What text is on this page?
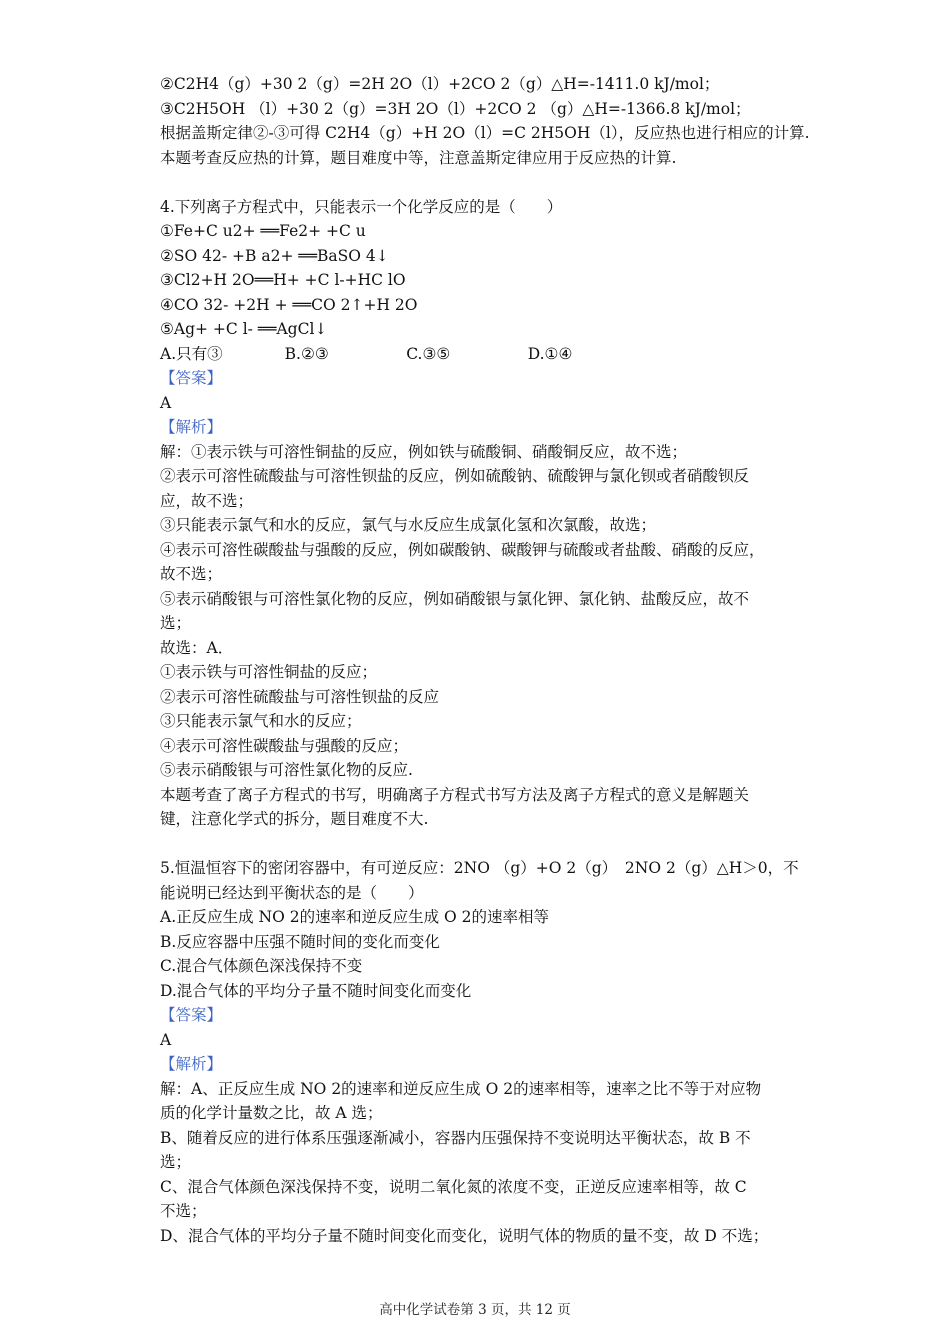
②C2H4（g）+30 2（g）=2H 2O（l）+2CO 2（g）△H=-1411.0 kJ/mol；
③C2H5OH （l）+30 2（g）=3H 2O（l）+2CO 2 （g）△H=-1366.8 kJ/mol；
根据盖斯定律②-③可得 C2H4（g）+H 2O（l）=C 2H5OH（l），反应热也进行相应的计算.
本题考查反应热的计算，题目难度中等，注意盖斯定律应用于反应热的计算.
4.下列离子方程式中，只能表示一个化学反应的是（　　）
①Fe+C u2+ ══Fe2+ +C u
②SO 42- +B a2+ ══BaSO 4↓
③Cl2+H 2O══H+ +C l-+HC lO
④CO 32- +2H + ══CO 2↑+H 2O
⑤Ag+ +C l- ══AgCl↓
A.只有③　　　　B.②③　　　　　C.③⑤　　　　　D.①④
【答案】
A
【解析】
解：①表示铁与可溶性铜盐的反应，例如铁与硫酸铜、硝酸铜反应，故不选；
②表示可溶性硫酸盐与可溶性钡盐的反应，例如硫酸钠、硫酸钾与氯化钡或者硝酸钡反
应，故不选；
③只能表示氯气和水的反应，氯气与水反应生成氯化氢和次氯酸，故选；
④表示可溶性碳酸盐与强酸的反应，例如碳酸钠、碳酸钾与硫酸或者盐酸、硝酸的反应，
故不选；
⑤表示硝酸银与可溶性氯化物的反应，例如硝酸银与氯化钾、氯化钠、盐酸反应，故不
选；
故选：A．
①表示铁与可溶性铜盐的反应；
②表示可溶性硫酸盐与可溶性钡盐的反应
③只能表示氯气和水的反应；
④表示可溶性碳酸盐与强酸的反应；
⑤表示硝酸银与可溶性氯化物的反应.
本题考查了离子方程式的书写，明确离子方程式书写方法及离子方程式的意义是解题关
键，注意化学式的拆分，题目难度不大.
5.恒温恒容下的密闭容器中，有可逆反应：2NO （g）+O 2（g）　2NO 2（g）△H＞0，不
能说明已经达到平衡状态的是（　　）
A.正反应生成 NO 2的速率和逆反应生成 O 2的速率相等
B.反应容器中压强不随时间的变化而变化
C.混合气体颜色深浅保持不变
D.混合气体的平均分子量不随时间变化而变化
【答案】
A
【解析】
解：A、正反应生成 NO 2的速率和逆反应生成 O 2的速率相等，速率之比不等于对应物
质的化学计量数之比，故 A 选；
B、随着反应的进行体系压强逐渐减小，容器内压强保持不变说明达平衡状态，故 B 不
选；
C、混合气体颜色深浅保持不变，说明二氧化氮的浓度不变，正逆反应速率相等，故 C
不选；
D、混合气体的平均分子量不随时间变化而变化，说明气体的物质的量不变，故 D 不选；
高中化学试卷第 3 页，共 12 页
